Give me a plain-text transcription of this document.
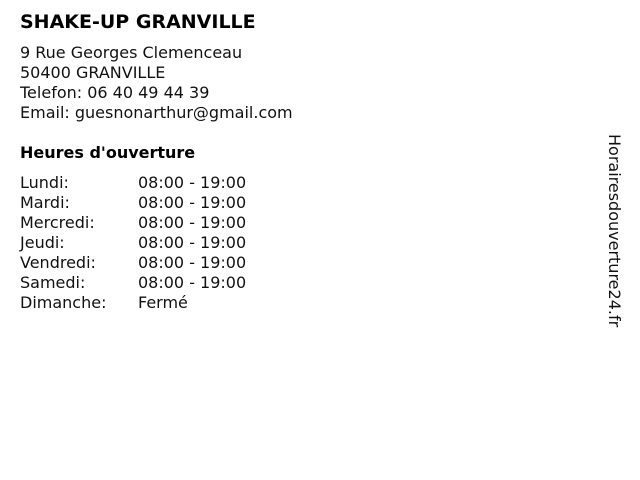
SHAKE-UP GRANVILLE
9 Rue Georges Clemenceau
50400 GRANVILLE
Telefon: 06 40 49 44 39
Email: guesnonarthur@gmail.com
Heures d'ouverture
Lundi:	08:00 - 19:00
Mardi:	08:00 - 19:00
Mercredi:	08:00 - 19:00
Jeudi:	08:00 - 19:00
Vendredi:	08:00 - 19:00
Samedi:	08:00 - 19:00
Dimanche:	Fermé	Horairesdouverture24.fr
